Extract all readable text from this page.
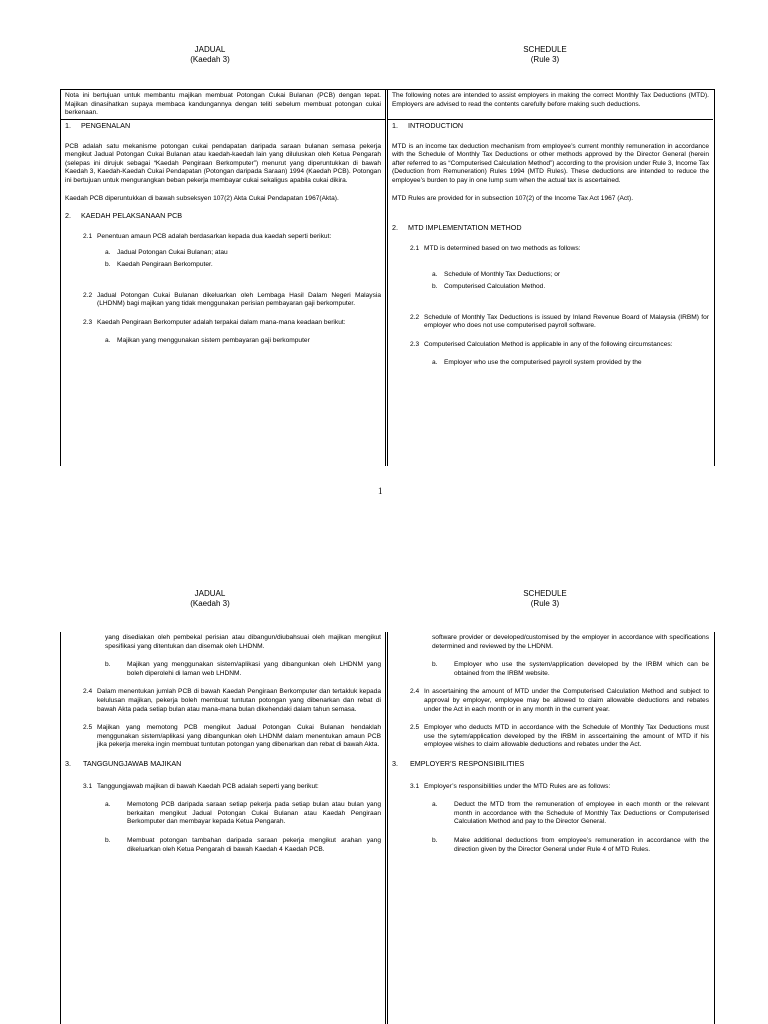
JADUAL
(Kaedah 3)
SCHEDULE
(Rule 3)
Nota ini bertujuan untuk membantu majikan membuat Potongan Cukai Bulanan (PCB) dengan tepat. Majikan dinasihatkan supaya membaca kandungannya dengan teliti sebelum membuat potongan cukai berkenaan.
1. PENGENALAN
PCB adalah satu mekanisme potongan cukai pendapatan daripada saraan bulanan semasa pekerja mengikut Jadual Potongan Cukai Bulanan atau kaedah-kaedah lain yang diluluskan oleh Ketua Pengarah (selepas ini dirujuk sebagai “Kaedah Pengiraan Berkomputer”) menurut yang diperuntukkan di bawah Kaedah 3, Kaedah-Kaedah Cukai Pendapatan (Potongan daripada Saraan) 1994 (Kaedah PCB). Potongan ini bertujuan untuk mengurangkan beban pekerja membayar cukai sekaligus apabila cukai dikira.
Kaedah PCB diperuntukkan di bawah subseksyen 107(2) Akta Cukai Pendapatan 1967(Akta).
2. KAEDAH PELAKSANAAN PCB
2.1 Penentuan amaun PCB adalah berdasarkan kepada dua kaedah seperti berikut:
a. Jadual Potongan Cukai Bulanan; atau
b. Kaedah Pengiraan Berkomputer.
2.2 Jadual Potongan Cukai Bulanan dikeluarkan oleh Lembaga Hasil Dalam Negeri Malaysia (LHDNM) bagi majikan yang tidak menggunakan perisian pembayaran gaji berkomputer.
2.3 Kaedah Pengiraan Berkomputer adalah terpakai dalam mana-mana keadaan berikut:
a. Majikan yang menggunakan sistem pembayaran gaji berkomputer
The following notes are intended to assist employers in making the correct Monthly Tax Deductions (MTD). Employers are advised to read the contents carefully before making such deductions.
1. INTRODUCTION
MTD is an income tax deduction mechanism from employee’s current monthly remuneration in accordance with the Schedule of Monthly Tax Deductions or other methods approved by the Director General (herein after referred to as “Computerised Calculation Method”) according to the provision under Rule 3, Income Tax (Deduction from Remuneration) Rules 1994 (MTD Rules). These deductions are intended to reduce the employee’s burden to pay in one lump sum when the actual tax is ascertained.
MTD Rules are provided for in subsection 107(2) of the Income Tax Act 1967 (Act).
2. MTD IMPLEMENTATION METHOD
2.1 MTD is determined based on two methods as follows:
a. Schedule of Monthly Tax Deductions; or
b. Computerised Calculation Method.
2.2 Schedule of Monthly Tax Deductions is issued by Inland Revenue Board of Malaysia (IRBM) for employer who does not use computerised payroll software.
2.3 Computerised Calculation Method is applicable in any of the following circumstances:
a. Employer who use the computerised payroll system provided by the
1
JADUAL
(Kaedah 3)
SCHEDULE
(Rule 3)
yang disediakan oleh pembekal perisian atau dibangun/diubahsuai oleh majikan mengikut spesifikasi yang ditentukan dan disemak oleh LHDNM.
b.	Majikan yang menggunakan sistem/aplikasi yang dibangunkan oleh LHDNM yang boleh diperolehi di laman web LHDNM.
2.4 Dalam menentukan jumlah PCB di bawah Kaedah Pengiraan Berkomputer dan tertakluk kepada kelulusan majikan, pekerja boleh membuat tuntutan potongan yang dibenarkan dan rebat di bawah Akta pada setiap bulan atau mana-mana bulan dikehendaki dalam tahun semasa.
2.5 Majikan yang memotong PCB mengikut Jadual Potongan Cukai Bulanan hendaklah menggunakan sistem/aplikasi yang dibangunkan oleh LHDNM dalam menentukan amaun PCB jika pekerja mereka ingin membuat tuntutan potongan yang dibenarkan dan rebat di bawah Akta.
3. TANGGUNGJAWAB MAJIKAN
3.1 Tanggungjawab majikan di bawah Kaedah PCB adalah seperti yang berikut:
a.	Memotong PCB daripada saraan setiap pekerja pada setiap bulan atau bulan yang berkaitan mengikut Jadual Potongan Cukai Bulanan atau Kaedah Pengiraan Berkomputer dan membayar kepada Ketua Pengarah.
b.	Membuat potongan tambahan daripada saraan pekerja mengikut arahan yang dikeluarkan oleh Ketua Pengarah di bawah Kaedah 4 Kaedah PCB.
software provider or developed/customised by the employer in accordance with specifications determined and reviewed by the LHDNM.
b.	Employer who use the system/application developed by the IRBM which can be obtained from the IRBM website.
2.4 In ascertaining the amount of MTD under the Computerised Calculation Method and subject to approval by employer, employee may be allowed to claim allowable deductions and rebates under the Act in each month or in any month in the current year.
2.5 Employer who deducts MTD in accordance with the Schedule of Monthly Tax Deductions must use the sytem/application developed by the IRBM in asscertaining the amount of MTD if his employee wishes to claim allowable deductions and rebates under the Act.
3. EMPLOYER’S RESPONSIBILITIES
3.1 Employer’s responsibilities under the MTD Rules are as follows:
a.	Deduct the MTD from the remuneration of employee in each month or the relevant month in accordance with the Schedule of Monthly Tax Deductions or Computerised Calculation Method and pay to the Director General.
b.	Make additional deductions from employee’s remuneration in accordance with the direction given by the Director General under Rule 4 of MTD Rules.
